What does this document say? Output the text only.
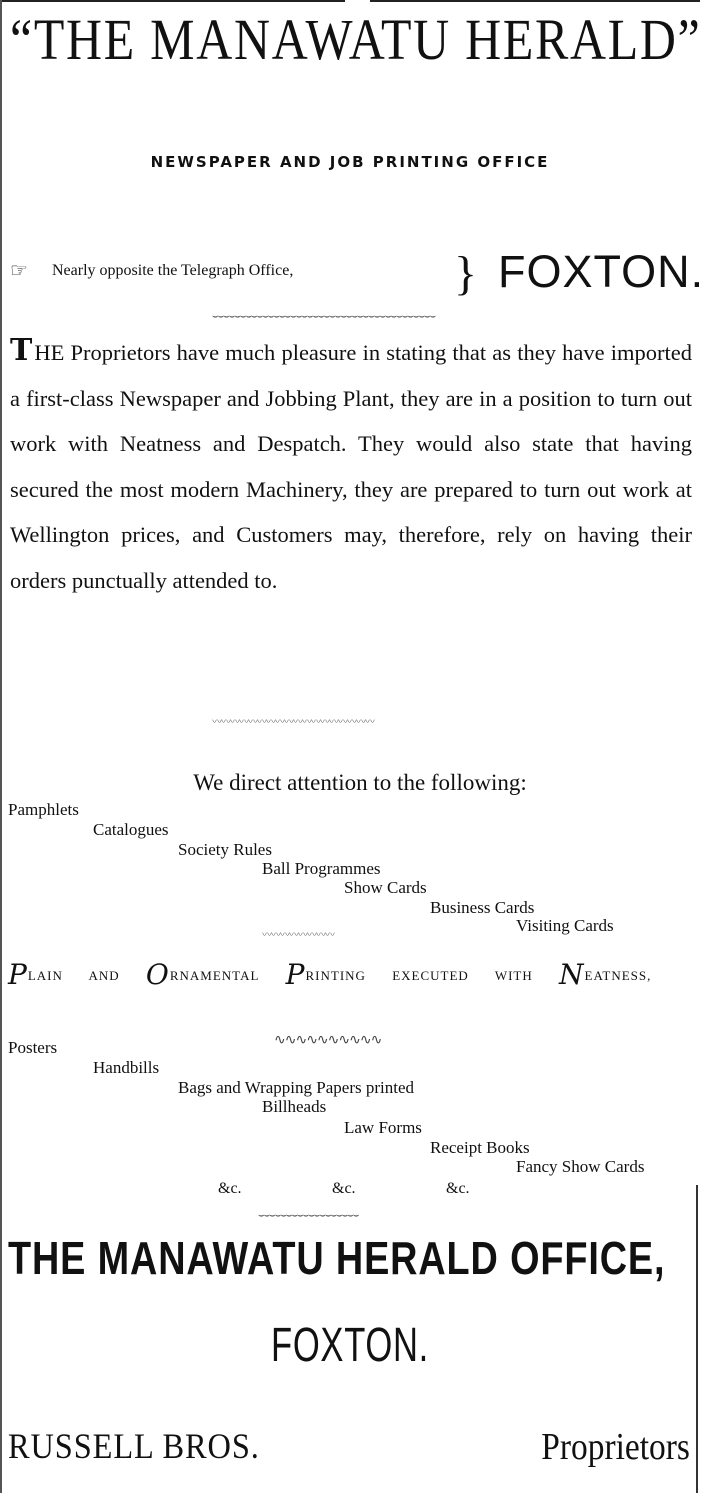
“THE MANAWATU HERALD”
NEWSPAPER AND JOB PRINTING OFFICE
☞ Nearly opposite the Telegraph Office,	} FOXTON.
⌣⌣⌣⌣⌣⌣⌣⌣⌣⌣⌣⌣⌣⌣⌣⌣⌣⌣⌣⌣⌣⌣⌣⌣⌣⌣⌣⌣⌣⌣⌣⌣⌣⌣⌣⌣⌣⌣⌣⌣
T HE Proprietors have much pleasure in stating that as they have imported a first-class Newspaper and Jobbing Plant, they are in a position to turn out work with Neatness and Despatch. They would also state that having secured the most modern Machinery, they are prepared to turn out work at Wellington prices, and Customers may, therefore, rely on having their orders punctually attended to.
〰〰〰〰〰〰〰〰〰〰〰〰〰〰〰〰〰〰
We direct attention to the following:
Pamphlets
Catalogues
Society Rules
Ball Programmes
Show Cards
Business Cards
Visiting Cards
〰〰〰〰〰〰〰〰
PLAIN AND ORNAMENTAL PRINTING EXECUTED WITH NEATNESS,
∿∿∿∿∿∿∿∿∿∿
Posters
Handbills
Bags and Wrapping Papers printed
Billheads
Law Forms
Receipt Books
Fancy Show Cards
&c.	&c.	&c.
⌣⌣⌣⌣⌣⌣⌣⌣⌣⌣⌣⌣⌣⌣⌣⌣⌣⌣
THE MANAWATU HERALD OFFICE,
FOXTON.
RUSSELL BROS.	Proprietors
